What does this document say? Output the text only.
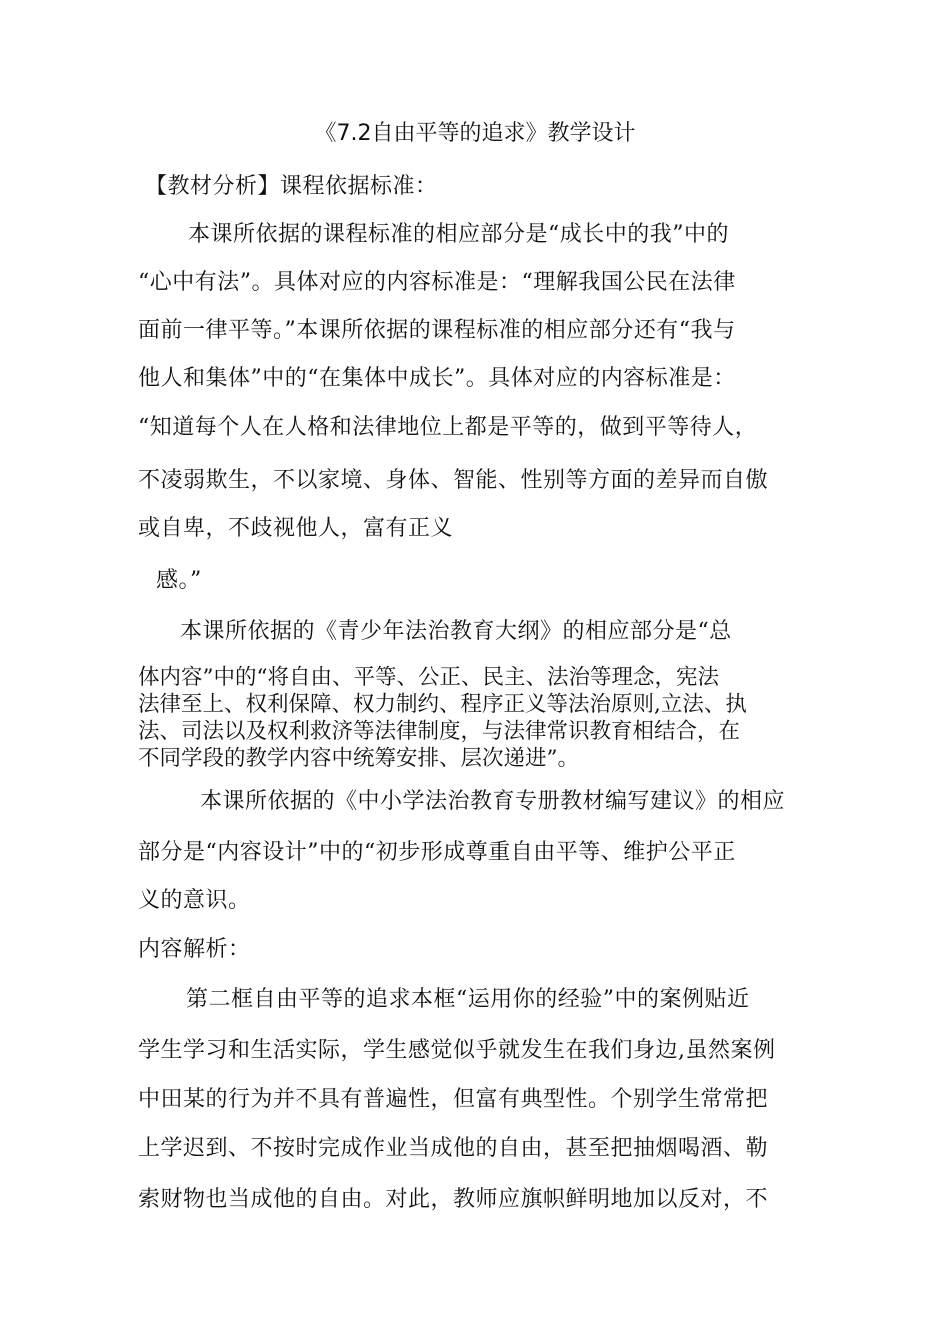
《7.2自由平等的追求》教学设计
【教材分析】课程依据标准：
本课所依据的课程标准的相应部分是“成长中的我”中的
“心中有法”。具体对应的内容标准是：“理解我国公民在法律
面前一律平等。”本课所依据的课程标准的相应部分还有“我与
他人和集体”中的“在集体中成长”。具体对应的内容标准是：
“知道每个人在人格和法律地位上都是平等的，做到平等待人，
不凌弱欺生，不以家境、身体、智能、性别等方面的差异而自傲
或自卑，不歧视他人，富有正义
感。”
本课所依据的《青少年法治教育大纲》的相应部分是“总
体内容”中的“将自由、平等、公正、民主、法治等理念，宪法
法律至上、权利保障、权力制约、程序正义等法治原则,立法、执
法、司法以及权利救济等法律制度，与法律常识教育相结合，在
不同学段的教学内容中统筹安排、层次递进”。
本课所依据的《中小学法治教育专册教材编写建议》的相应
部分是“内容设计”中的“初步形成尊重自由平等、维护公平正
义的意识。
内容解析：
第二框自由平等的追求本框“运用你的经验”中的案例贴近
学生学习和生活实际，学生感觉似乎就发生在我们身边,虽然案例
中田某的行为并不具有普遍性，但富有典型性。个别学生常常把
上学迟到、不按时完成作业当成他的自由，甚至把抽烟喝酒、勒
索财物也当成他的自由。对此，教师应旗帜鲜明地加以反对，不
